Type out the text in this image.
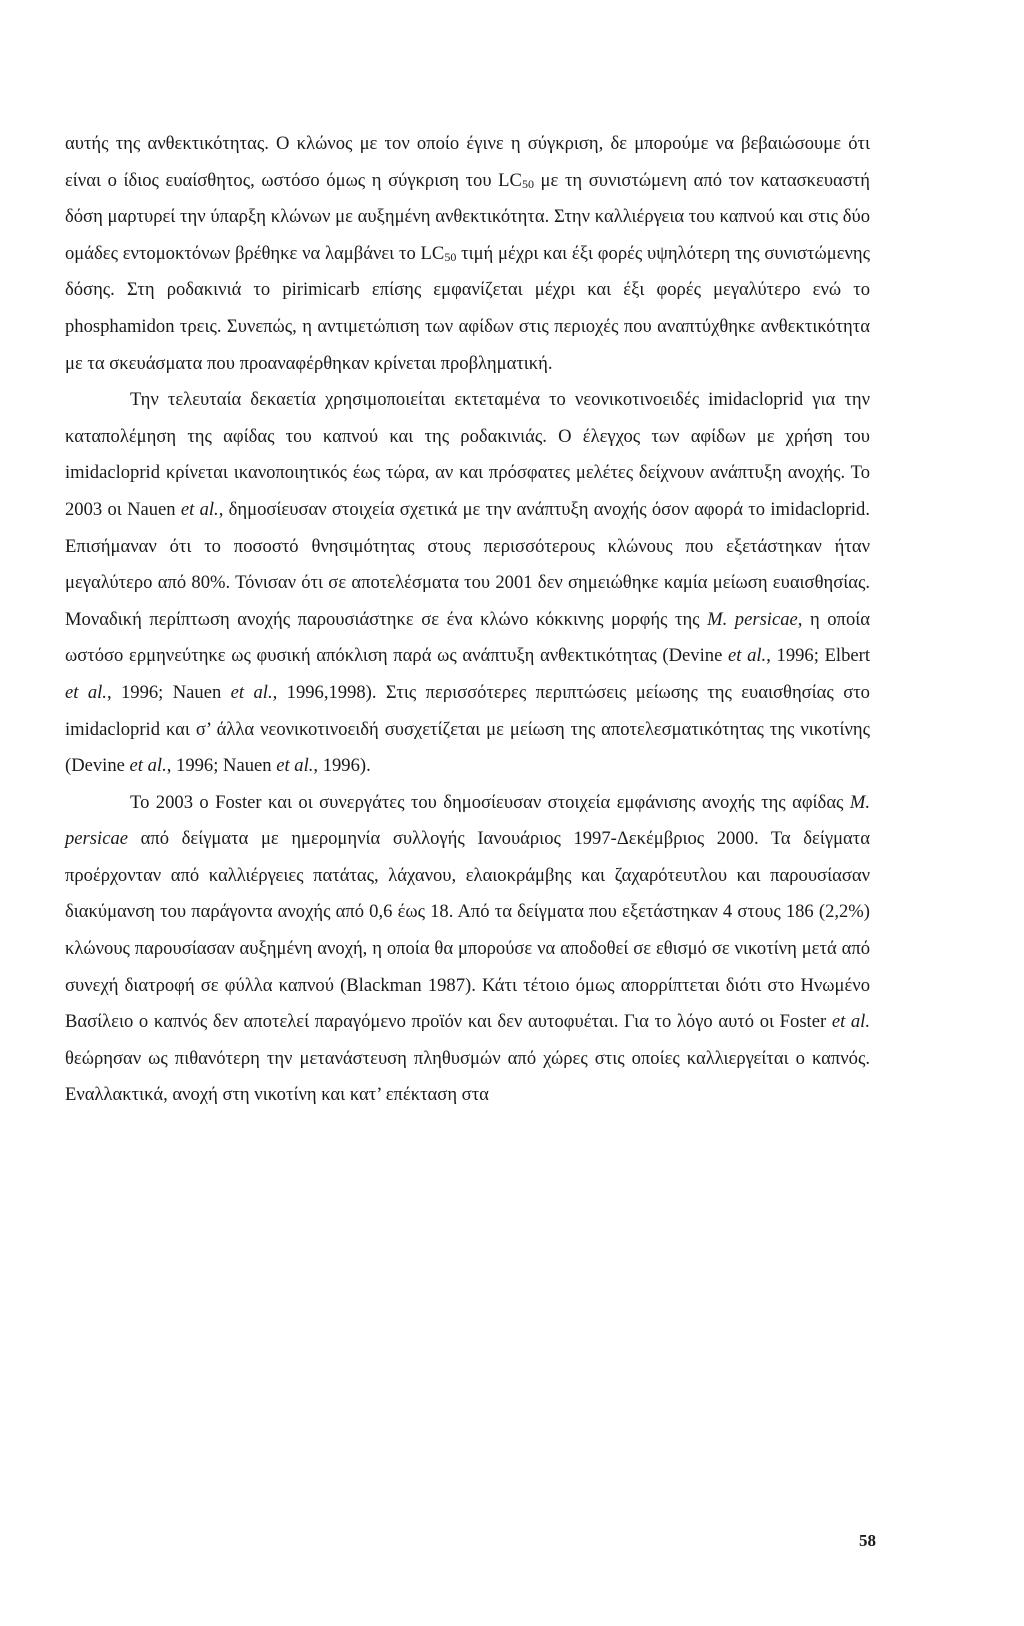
αυτής της ανθεκτικότητας. Ο κλώνος με τον οποίο έγινε η σύγκριση, δε μπορούμε να βεβαιώσουμε ότι είναι ο ίδιος ευαίσθητος, ωστόσο όμως η σύγκριση του $LC_{50}$ με τη συνιστώμενη από τον κατασκευαστή δόση μαρτυρεί την ύπαρξη κλώνων με αυξημένη ανθεκτικότητα. Στην καλλιέργεια του καπνού και στις δύο ομάδες εντομοκτόνων βρέθηκε να λαμβάνει το $LC_{50}$ τιμή μέχρι και έξι φορές υψηλότερη της συνιστώμενης δόσης. Στη ροδακινιά το pirimicarb επίσης εμφανίζεται μέχρι και έξι φορές μεγαλύτερο ενώ το phosphamidon τρεις. Συνεπώς, η αντιμετώπιση των αφίδων στις περιοχές που αναπτύχθηκε ανθεκτικότητα με τα σκευάσματα που προαναφέρθηκαν κρίνεται προβληματική.

Την τελευταία δεκαετία χρησιμοποιείται εκτεταμένα το νεονικοτινοειδές imidacloprid για την καταπολέμηση της αφίδας του καπνού και της ροδακινιάς. Ο έλεγχος των αφίδων με χρήση του imidacloprid κρίνεται ικανοποιητικός έως τώρα, αν και πρόσφατες μελέτες δείχνουν ανάπτυξη ανοχής. Το 2003 οι Nauen et al., δημοσίευσαν στοιχεία σχετικά με την ανάπτυξη ανοχής όσον αφορά το imidacloprid. Επισήμαναν ότι το ποσοστό θνησιμότητας στους περισσότερους κλώνους που εξετάστηκαν ήταν μεγαλύτερο από 80%. Τόνισαν ότι σε αποτελέσματα του 2001 δεν σημειώθηκε καμία μείωση ευαισθησίας. Μοναδική περίπτωση ανοχής παρουσιάστηκε σε ένα κλώνο κόκκινης μορφής της M. persicae, η οποία ωστόσο ερμηνεύτηκε ως φυσική απόκλιση παρά ως ανάπτυξη ανθεκτικότητας (Devine et al., 1996; Elbert et al., 1996; Nauen et al., 1996,1998). Στις περισσότερες περιπτώσεις μείωσης της ευαισθησίας στο imidacloprid και σ’ άλλα νεονικοτινοειδή συσχετίζεται με μείωση της αποτελεσματικότητας της νικοτίνης (Devine et al., 1996; Nauen et al., 1996).

Το 2003 ο Foster και οι συνεργάτες του δημοσίευσαν στοιχεία εμφάνισης ανοχής της αφίδας M. persicae από δείγματα με ημερομηνία συλλογής Ιανουάριος 1997-Δεκέμβριος 2000. Τα δείγματα προέρχονταν από καλλιέργειες πατάτας, λάχανου, ελαιοκράμβης και ζαχαρότευτλου και παρουσίασαν διακύμανση του παράγοντα ανοχής από 0,6 έως 18. Από τα δείγματα που εξετάστηκαν 4 στους 186 (2,2%) κλώνους παρουσίασαν αυξημένη ανοχή, η οποία θα μπορούσε να αποδοθεί σε εθισμό σε νικοτίνη μετά από συνεχή διατροφή σε φύλλα καπνού (Blackman 1987). Κάτι τέτοιο όμως απορρίπτεται διότι στο Ηνωμένο Βασίλειο ο καπνός δεν αποτελεί παραγόμενο προϊόν και δεν αυτοφυέται. Για το λόγο αυτό οι Foster et al. θεώρησαν ως πιθανότερη την μετανάστευση πληθυσμών από χώρες στις οποίες καλλιεργείται ο καπνός. Εναλλακτικά, ανοχή στη νικοτίνη και κατ’ επέκταση στα

58
